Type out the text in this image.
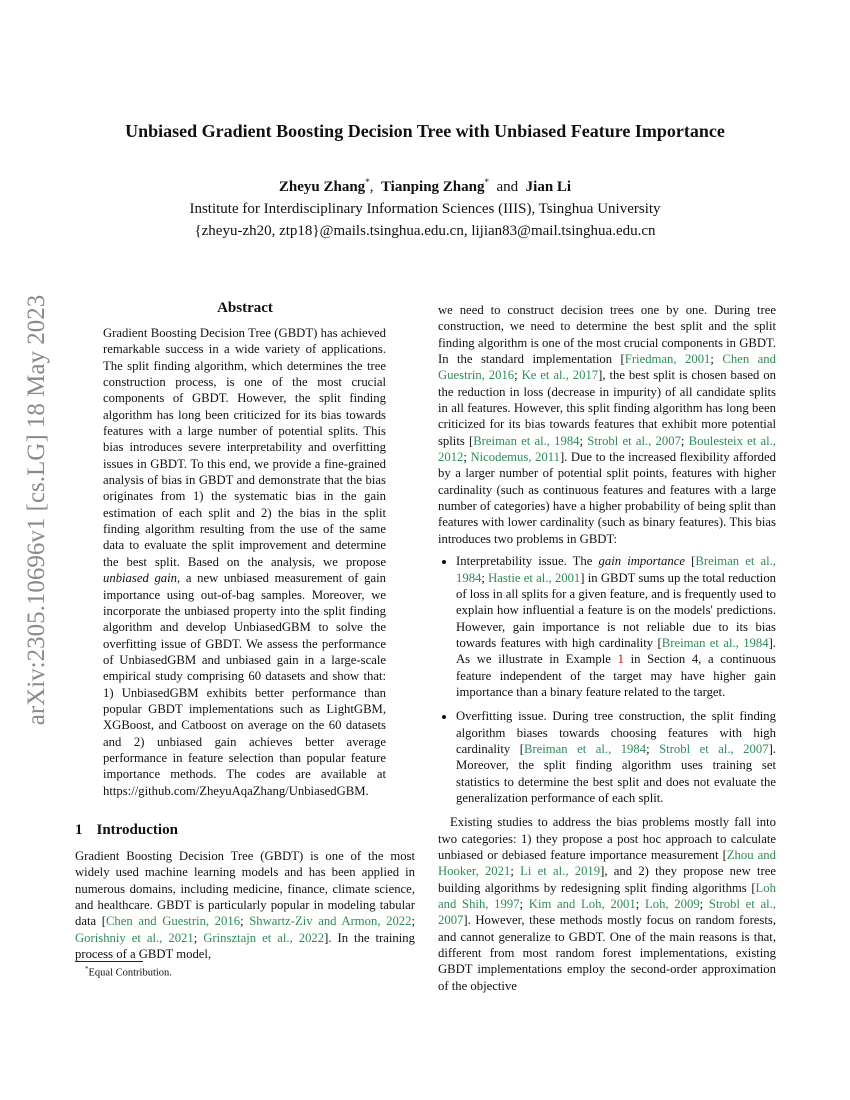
arXiv:2305.10696v1 [cs.LG] 18 May 2023
Unbiased Gradient Boosting Decision Tree with Unbiased Feature Importance
Zheyu Zhang*,  Tianping Zhang* and Jian Li
Institute for Interdisciplinary Information Sciences (IIIS), Tsinghua University
{zheyu-zh20, ztp18}@mails.tsinghua.edu.cn, lijian83@mail.tsinghua.edu.cn
Abstract

Gradient Boosting Decision Tree (GBDT) has achieved remarkable success in a wide variety of applications. The split finding algorithm, which determines the tree construction process, is one of the most crucial components of GBDT. However, the split finding algorithm has long been criticized for its bias towards features with a large number of potential splits. This bias introduces severe interpretability and overfitting issues in GBDT. To this end, we provide a fine-grained analysis of bias in GBDT and demonstrate that the bias originates from 1) the systematic bias in the gain estimation of each split and 2) the bias in the split finding algorithm resulting from the use of the same data to evaluate the split improvement and determine the best split. Based on the analysis, we propose unbiased gain, a new unbiased measurement of gain importance using out-of-bag samples. Moreover, we incorporate the unbiased property into the split finding algorithm and develop UnbiasedGBM to solve the overfitting issue of GBDT. We assess the performance of UnbiasedGBM and unbiased gain in a large-scale empirical study comprising 60 datasets and show that: 1) UnbiasedGBM exhibits better performance than popular GBDT implementations such as LightGBM, XGBoost, and Catboost on average on the 60 datasets and 2) unbiased gain achieves better average performance in feature selection than popular feature importance methods. The codes are available at https://github.com/ZheyuAqaZhang/UnbiasedGBM.

1 Introduction

Gradient Boosting Decision Tree (GBDT) is one of the most widely used machine learning models and has been applied in numerous domains, including medicine, finance, climate science, and healthcare. GBDT is particularly popular in modeling tabular data [Chen and Guestrin, 2016; Shwartz-Ziv and Armon, 2022; Gorishniy et al., 2021; Grinsztajn et al., 2022]. In the training process of a GBDT model,

we need to construct decision trees one by one. During tree construction, we need to determine the best split and the split finding algorithm is one of the most crucial components in GBDT. In the standard implementation [Friedman, 2001; Chen and Guestrin, 2016; Ke et al., 2017], the best split is chosen based on the reduction in loss (decrease in impurity) of all candidate splits in all features. However, this split finding algorithm has long been criticized for its bias towards features that exhibit more potential splits [Breiman et al., 1984; Strobl et al., 2007; Boulesteix et al., 2012; Nicodemus, 2011]. Due to the increased flexibility afforded by a larger number of potential split points, features with higher cardinality (such as continuous features and features with a large number of categories) have a higher probability of being split than features with lower cardinality (such as binary features). This bias introduces two problems in GBDT:

• Interpretability issue. The gain importance [Breiman et al., 1984; Hastie et al., 2001] in GBDT sums up the total reduction of loss in all splits for a given feature, and is frequently used to explain how influential a feature is on the models' predictions. However, gain importance is not reliable due to its bias towards features with high cardinality [Breiman et al., 1984]. As we illustrate in Example 1 in Section 4, a continuous feature independent of the target may have higher gain importance than a binary feature related to the target.
• Overfitting issue. During tree construction, the split finding algorithm biases towards choosing features with high cardinality [Breiman et al., 1984; Strobl et al., 2007]. Moreover, the split finding algorithm uses training set statistics to determine the best split and does not evaluate the generalization performance of each split.

Existing studies to address the bias problems mostly fall into two categories: 1) they propose a post hoc approach to calculate unbiased or debiased feature importance measurement [Zhou and Hooker, 2021; Li et al., 2019], and 2) they propose new tree building algorithms by redesigning split finding algorithms [Loh and Shih, 1997; Kim and Loh, 2001; Loh, 2009; Strobl et al., 2007]. However, these methods mostly focus on random forests, and cannot generalize to GBDT. One of the main reasons is that, different from most random forest implementations, existing GBDT implementations employ the second-order approximation of the objective

*Equal Contribution.
